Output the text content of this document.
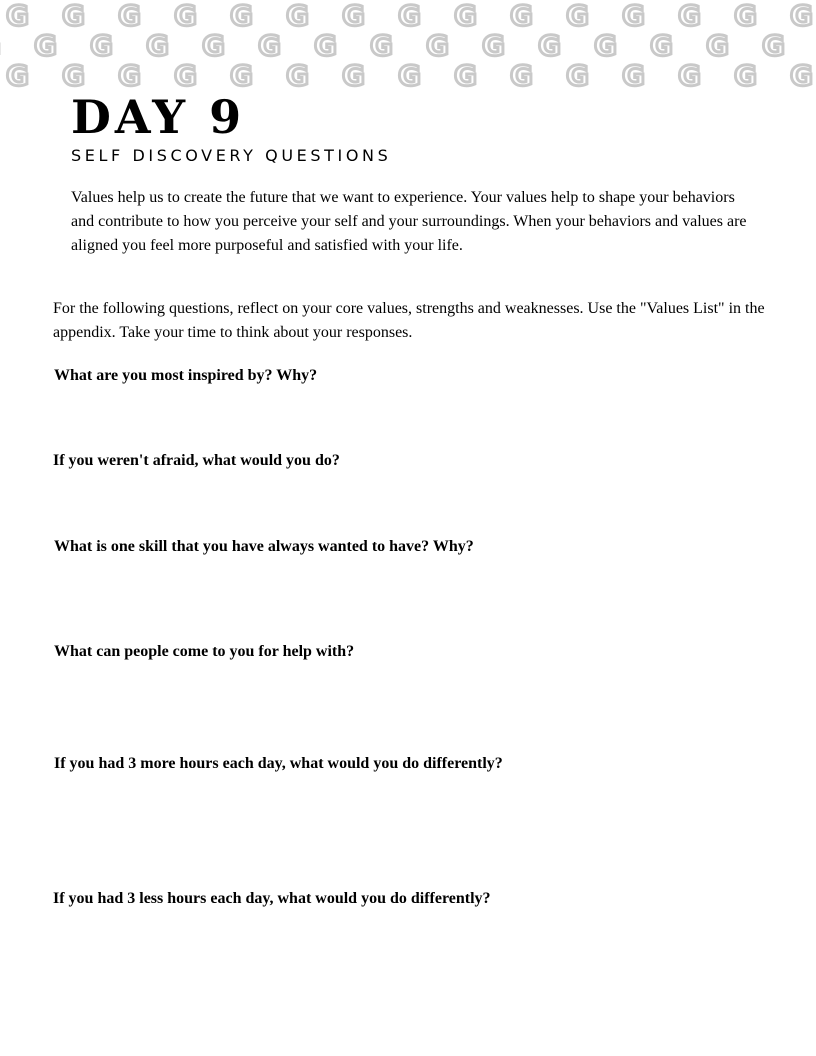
G G G G G G G G G G G G G G G
G G G G G G G G G G G G G G
G G G G G G G G G G G G G G G
DAY 9
SELF DISCOVERY QUESTIONS

Values help us to create the future that we want to experience. Your values help to shape your behaviors and contribute to how you perceive your self and your surroundings. When your behaviors and values are aligned you feel more purposeful and satisfied with your life.

For the following questions, reflect on your core values, strengths and weaknesses. Use the "Values List" in the appendix. Take your time to think about your responses.

What are you most inspired by? Why?

If you weren't afraid, what would you do?

What is one skill that you have always wanted to have? Why?

What can people come to you for help with?

If you had 3 more hours each day, what would you do differently?

If you had 3 less hours each day, what would you do differently?
